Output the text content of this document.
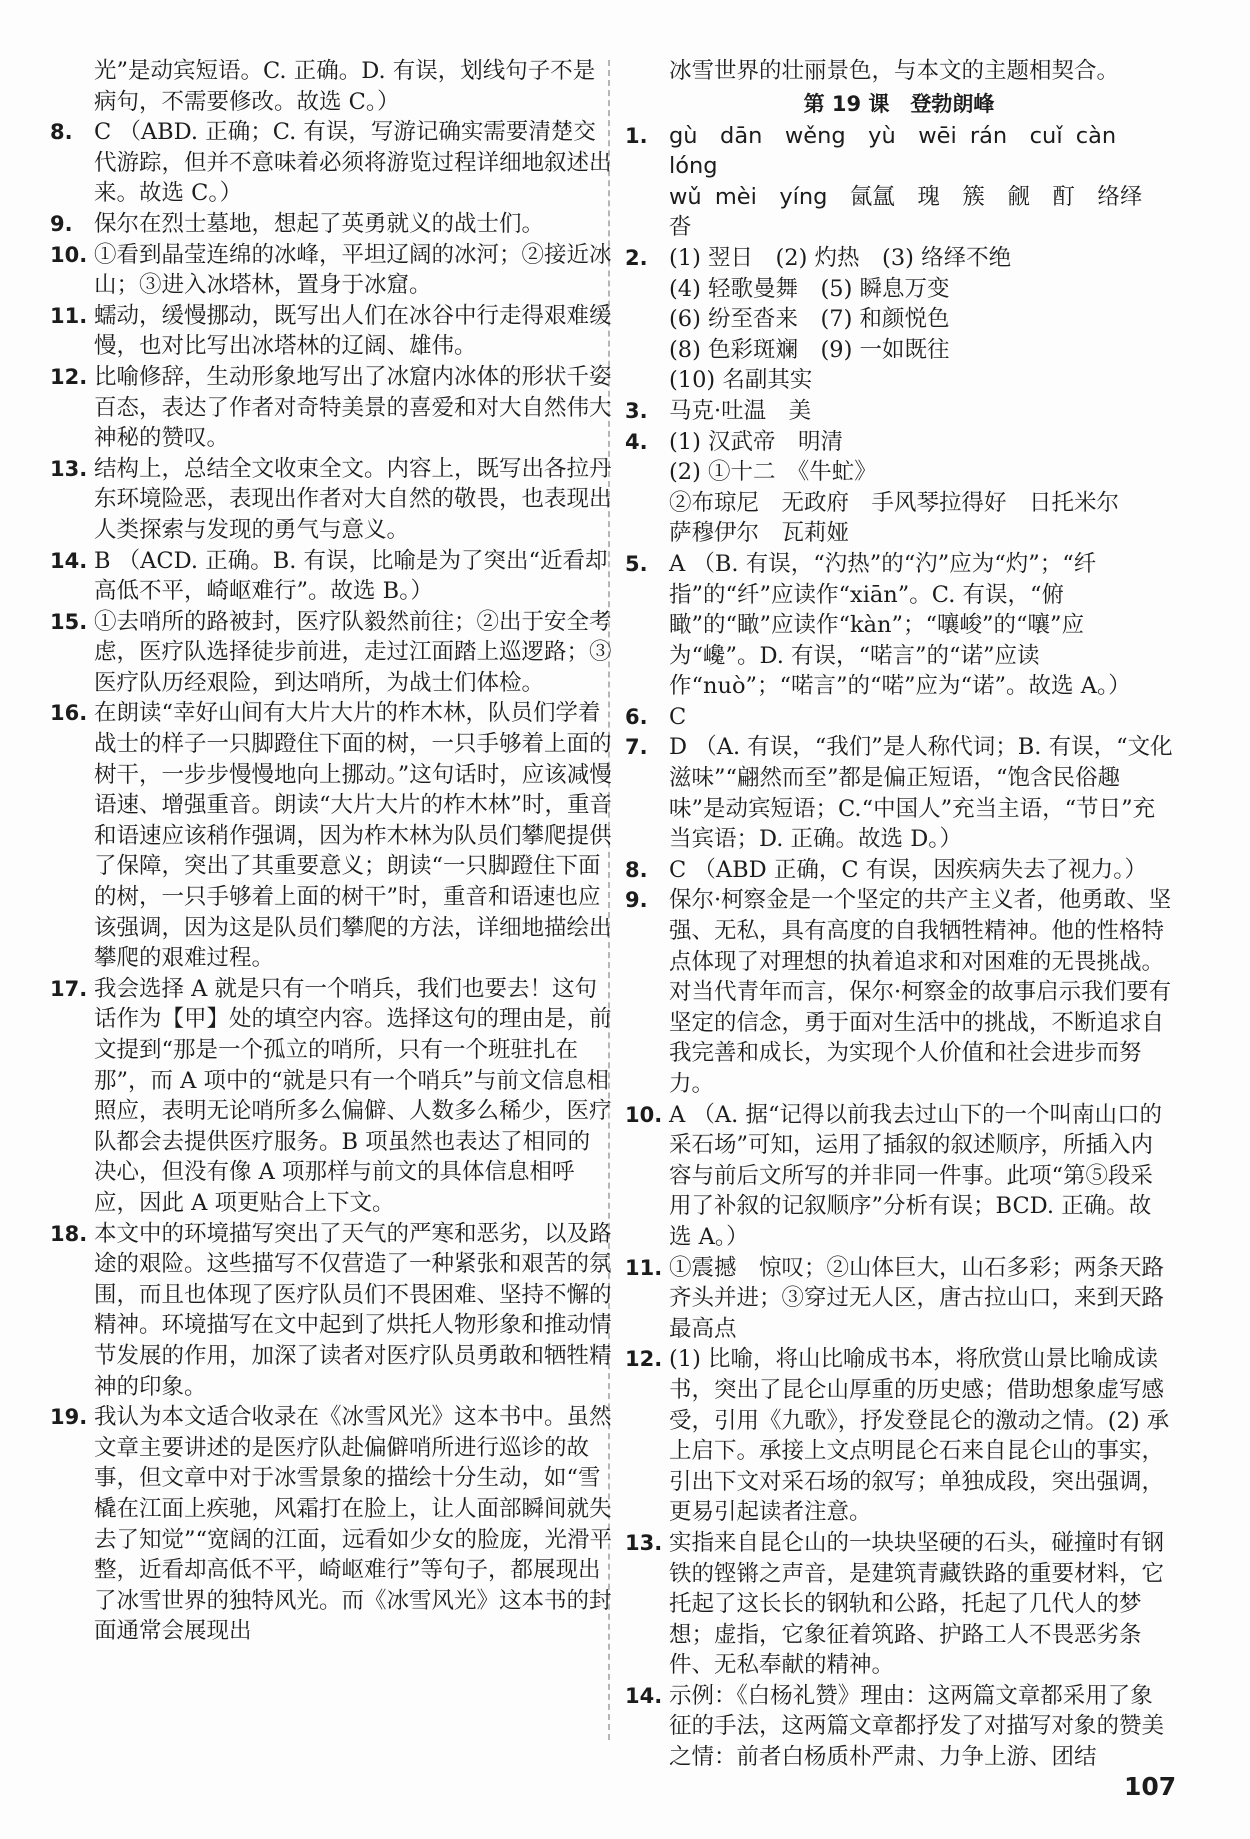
光”是动宾短语。C. 正确。D. 有误，划线句子不是病句，不需要修改。故选 C。）
8. C （ABD. 正确；C. 有误，写游记确实需要清楚交代游踪，但并不意味着必须将游览过程详细地叙述出来。故选 C。）
9. 保尔在烈士墓地，想起了英勇就义的战士们。
10. ①看到晶莹连绵的冰峰，平坦辽阔的冰河；②接近冰山；③进入冰塔林，置身于冰窟。
11. 蠕动，缓慢挪动，既写出人们在冰谷中行走得艰难缓慢，也对比写出冰塔林的辽阔、雄伟。
12. 比喻修辞，生动形象地写出了冰窟内冰体的形状千姿百态，表达了作者对奇特美景的喜爱和对大自然伟大神秘的赞叹。
13. 结构上，总结全文收束全文。内容上，既写出各拉丹东环境险恶，表现出作者对大自然的敬畏，也表现出人类探索与发现的勇气与意义。
14. B （ACD. 正确。B. 有误，比喻是为了突出“近看却高低不平，崎岖难行”。故选 B。）
15. ①去哨所的路被封，医疗队毅然前往；②出于安全考虑，医疗队选择徒步前进，走过江面踏上巡逻路；③医疗队历经艰险，到达哨所，为战士们体检。
16. 在朗读“幸好山间有大片大片的柞木林，队员们学着战士的样子一只脚蹬住下面的树，一只手够着上面的树干，一步步慢慢地向上挪动。”这句话时，应该减慢语速、增强重音。朗读“大片大片的柞木林”时，重音和语速应该稍作强调，因为柞木林为队员们攀爬提供了保障，突出了其重要意义；朗读“一只脚蹬住下面的树，一只手够着上面的树干”时，重音和语速也应该强调，因为这是队员们攀爬的方法，详细地描绘出攀爬的艰难过程。
17. 我会选择 A 就是只有一个哨兵，我们也要去！这句话作为【甲】处的填空内容。选择这句的理由是，前文提到“那是一个孤立的哨所，只有一个班驻扎在那”，而 A 项中的“就是只有一个哨兵”与前文信息相照应，表明无论哨所多么偏僻、人数多么稀少，医疗队都会去提供医疗服务。B 项虽然也表达了相同的决心，但没有像 A 项那样与前文的具体信息相呼应，因此 A 项更贴合上下文。
18. 本文中的环境描写突出了天气的严寒和恶劣，以及路途的艰险。这些描写不仅营造了一种紧张和艰苦的氛围，而且也体现了医疗队员们不畏困难、坚持不懈的精神。环境描写在文中起到了烘托人物形象和推动情节发展的作用，加深了读者对医疗队员勇敢和牺牲精神的印象。
19. 我认为本文适合收录在《冰雪风光》这本书中。虽然文章主要讲述的是医疗队赴偏僻哨所进行巡诊的故事，但文章中对于冰雪景象的描绘十分生动，如“雪橇在江面上疾驰，风霜打在脸上，让人面部瞬间就失去了知觉”“宽阔的江面，远看如少女的脸庞，光滑平整，近看却高低不平，崎岖难行”等句子，都展现出了冰雪世界的独特风光。而《冰雪风光》这本书的封面通常会展现出
冰雪世界的壮丽景色，与本文的主题相契合。
第 19 课　登勃朗峰
1. gù　dān　wěng　yù　wēi rán　cuǐ càn　lóng
wǔ mèi　yíng　氤氲　瑰　簇　觎　酊　络绎
沓
2. (1) 翌日　(2) 灼热　(3) 络绎不绝
(4) 轻歌曼舞　(5) 瞬息万变
(6) 纷至沓来　(7) 和颜悦色
(8) 色彩斑斓　(9) 一如既往
(10) 名副其实
3. 马克·吐温　美
4. (1) 汉武帝　明清
(2) ①十二　《牛虻》
②布琼尼　无政府　手风琴拉得好　日托米尔
萨穆伊尔　瓦莉娅
5. A （B. 有误，“汋热”的“汋”应为“灼”；“纤指”的“纤”应读作“xiān”。C. 有误，“俯瞰”的“瞰”应读作“kàn”；“嚷峻”的“嚷”应为“巉”。D. 有误，“喏言”的“诺”应读作“nuò”；“喏言”的“喏”应为“诺”。故选 A。）
6. C
7. D （A. 有误，“我们”是人称代词；B. 有误，“文化滋味”“翩然而至”都是偏正短语，“饱含民俗趣味”是动宾短语；C.“中国人”充当主语，“节日”充当宾语；D. 正确。故选 D。）
8. C （ABD 正确，C 有误，因疾病失去了视力。）
9. 保尔·柯察金是一个坚定的共产主义者，他勇敢、坚强、无私，具有高度的自我牺牲精神。他的性格特点体现了对理想的执着追求和对困难的无畏挑战。对当代青年而言，保尔·柯察金的故事启示我们要有坚定的信念，勇于面对生活中的挑战，不断追求自我完善和成长，为实现个人价值和社会进步而努力。
10. A （A. 据“记得以前我去过山下的一个叫南山口的采石场”可知，运用了插叙的叙述顺序，所插入内容与前后文所写的并非同一件事。此项“第⑤段采用了补叙的记叙顺序”分析有误；BCD. 正确。故选 A。）
11. ①震撼　惊叹；②山体巨大，山石多彩；两条天路齐头并进；③穿过无人区，唐古拉山口，来到天路最高点
12. (1) 比喻，将山比喻成书本，将欣赏山景比喻成读书，突出了昆仑山厚重的历史感；借助想象虚写感受，引用《九歌》，抒发登昆仑的激动之情。(2) 承上启下。承接上文点明昆仑石来自昆仑山的事实，引出下文对采石场的叙写；单独成段，突出强调，更易引起读者注意。
13. 实指来自昆仑山的一块块坚硬的石头，碰撞时有钢铁的铿锵之声音，是建筑青藏铁路的重要材料，它托起了这长长的钢轨和公路，托起了几代人的梦想；虚指，它象征着筑路、护路工人不畏恶劣条件、无私奉献的精神。
14. 示例：《白杨礼赞》理由：这两篇文章都采用了象征的手法，这两篇文章都抒发了对描写对象的赞美之情：前者白杨质朴严肃、力争上游、团结
107
